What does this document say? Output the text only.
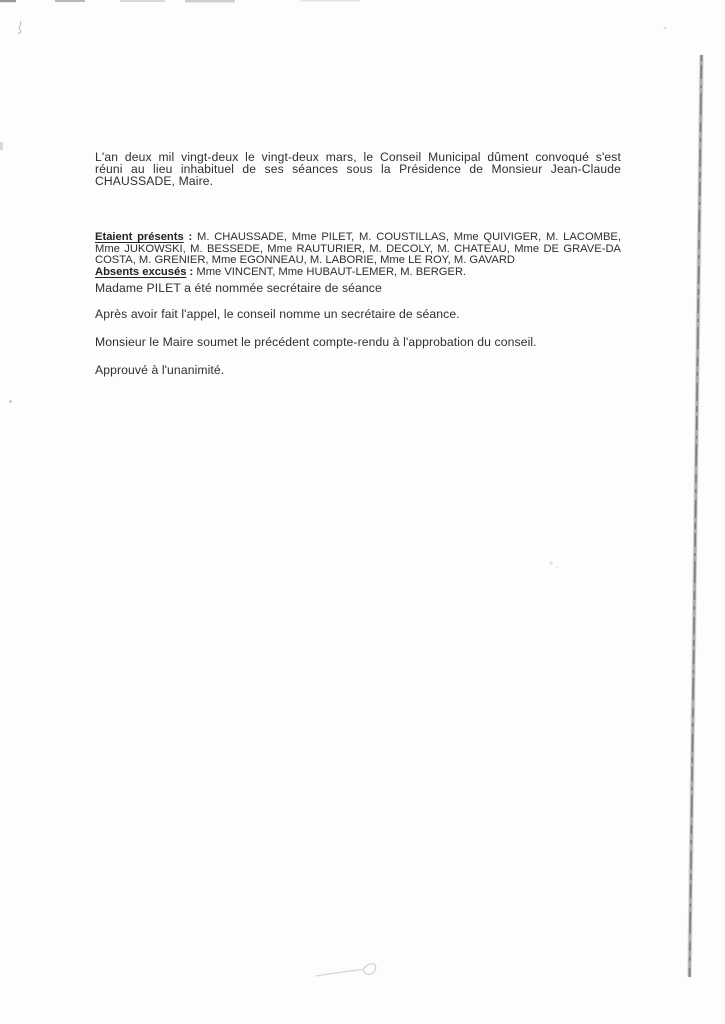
L'an deux mil vingt-deux le vingt-deux mars, le Conseil Municipal dûment convoqué s'est
réuni au lieu inhabituel de ses séances sous la Présidence de Monsieur Jean-Claude
CHAUSSADE, Maire.
Etaient présents : M. CHAUSSADE, Mme PILET, M. COUSTILLAS, Mme QUIVIGER, M. LACOMBE,
Mme JUKOWSKI, M. BESSEDE, Mme RAUTURIER, M. DECOLY, M. CHATEAU, Mme DE GRAVE-DA
COSTA, M. GRENIER, Mme EGONNEAU, M. LABORIE, Mme LE ROY, M. GAVARD
Absents excusés : Mme VINCENT, Mme HUBAUT-LEMER, M. BERGER.
Madame PILET a été nommée secrétaire de séance
Après avoir fait l'appel, le conseil nomme un secrétaire de séance.
Monsieur le Maire soumet le précédent compte-rendu à l'approbation du conseil.
Approuvé à l'unanimité.
